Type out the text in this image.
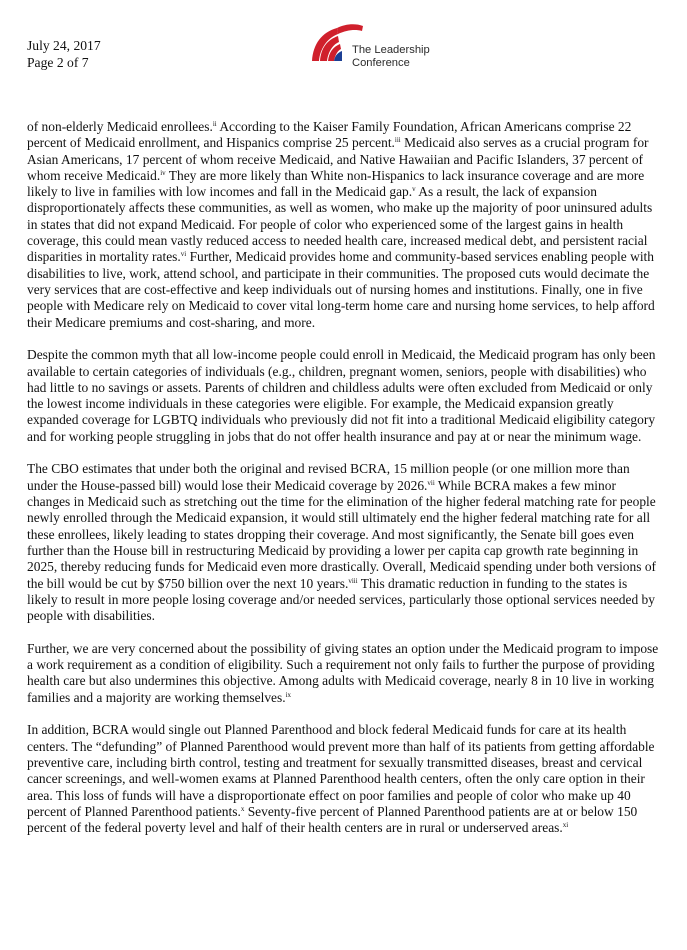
July 24, 2017
Page 2 of 7
The Leadership
Conference

of non-elderly Medicaid enrollees.$^{ii}$ According to the Kaiser Family Foundation, African Americans comprise 22 percent of Medicaid enrollment, and Hispanics comprise 25 percent.$^{iii}$ Medicaid also serves as a crucial program for Asian Americans, 17 percent of whom receive Medicaid, and Native Hawaiian and Pacific Islanders, 37 percent of whom receive Medicaid.$^{iv}$ They are more likely than White non-Hispanics to lack insurance coverage and are more likely to live in families with low incomes and fall in the Medicaid gap.$^v$ As a result, the lack of expansion disproportionately affects these communities, as well as women, who make up the majority of poor uninsured adults in states that did not expand Medicaid. For people of color who experienced some of the largest gains in health coverage, this could mean vastly reduced access to needed health care, increased medical debt, and persistent racial disparities in mortality rates.$^{vi}$ Further, Medicaid provides home and community-based services enabling people with disabilities to live, work, attend school, and participate in their communities. The proposed cuts would decimate the very services that are cost-effective and keep individuals out of nursing homes and institutions. Finally, one in five people with Medicare rely on Medicaid to cover vital long-term home care and nursing home services, to help afford their Medicare premiums and cost-sharing, and more.

Despite the common myth that all low-income people could enroll in Medicaid, the Medicaid program has only been available to certain categories of individuals (e.g., children, pregnant women, seniors, people with disabilities) who had little to no savings or assets. Parents of children and childless adults were often excluded from Medicaid or only the lowest income individuals in these categories were eligible. For example, the Medicaid expansion greatly expanded coverage for LGBTQ individuals who previously did not fit into a traditional Medicaid eligibility category and for working people struggling in jobs that do not offer health insurance and pay at or near the minimum wage.

The CBO estimates that under both the original and revised BCRA, 15 million people (or one million more than under the House-passed bill) would lose their Medicaid coverage by 2026.$^{vii}$ While BCRA makes a few minor changes in Medicaid such as stretching out the time for the elimination of the higher federal matching rate for people newly enrolled through the Medicaid expansion, it would still ultimately end the higher federal matching rate for all these enrollees, likely leading to states dropping their coverage. And most significantly, the Senate bill goes even further than the House bill in restructuring Medicaid by providing a lower per capita cap growth rate beginning in 2025, thereby reducing funds for Medicaid even more drastically. Overall, Medicaid spending under both versions of the bill would be cut by $750 billion over the next 10 years.$^{viii}$ This dramatic reduction in funding to the states is likely to result in more people losing coverage and/or needed services, particularly those optional services needed by people with disabilities.

Further, we are very concerned about the possibility of giving states an option under the Medicaid program to impose a work requirement as a condition of eligibility. Such a requirement not only fails to further the purpose of providing health care but also undermines this objective. Among adults with Medicaid coverage, nearly 8 in 10 live in working families and a majority are working themselves.$^{ix}$

In addition, BCRA would single out Planned Parenthood and block federal Medicaid funds for care at its health centers. The “defunding” of Planned Parenthood would prevent more than half of its patients from getting affordable preventive care, including birth control, testing and treatment for sexually transmitted diseases, breast and cervical cancer screenings, and well-women exams at Planned Parenthood health centers, often the only care option in their area. This loss of funds will have a disproportionate effect on poor families and people of color who make up 40 percent of Planned Parenthood patients.$^x$ Seventy-five percent of Planned Parenthood patients are at or below 150 percent of the federal poverty level and half of their health centers are in rural or underserved areas.$^{xi}$
